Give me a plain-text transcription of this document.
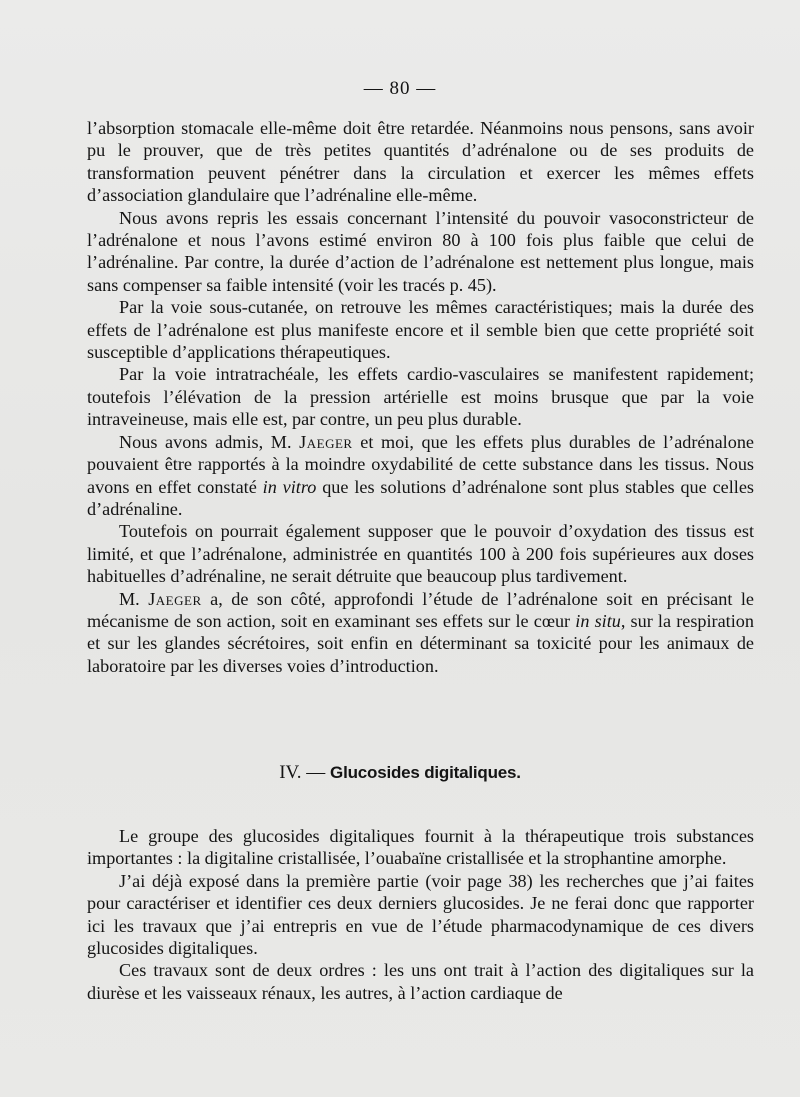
— 80 —

l’absorption stomacale elle-même doit être retardée. Néanmoins nous pensons, sans avoir pu le prouver, que de très petites quantités d’adrénalone ou de ses produits de transformation peuvent pénétrer dans la circulation et exercer les mêmes effets d’association glandulaire que l’adrénaline elle-même.

Nous avons repris les essais concernant l’intensité du pouvoir vasoconstricteur de l’adrénalone et nous l’avons estimé environ 80 à 100 fois plus faible que celui de l’adrénaline. Par contre, la durée d’action de l’adrénalone est nettement plus longue, mais sans compenser sa faible intensité (voir les tracés p. 45).

Par la voie sous-cutanée, on retrouve les mêmes caractéristiques; mais la durée des effets de l’adrénalone est plus manifeste encore et il semble bien que cette propriété soit susceptible d’applications thérapeutiques.

Par la voie intratrachéale, les effets cardio-vasculaires se manifestent rapidement; toutefois l’élévation de la pression artérielle est moins brusque que par la voie intraveineuse, mais elle est, par contre, un peu plus durable.

Nous avons admis, M. Jaeger et moi, que les effets plus durables de l’adrénalone pouvaient être rapportés à la moindre oxydabilité de cette substance dans les tissus. Nous avons en effet constaté in vitro que les solutions d’adrénalone sont plus stables que celles d’adrénaline.

Toutefois on pourrait également supposer que le pouvoir d’oxydation des tissus est limité, et que l’adrénalone, administrée en quantités 100 à 200 fois supérieures aux doses habituelles d’adrénaline, ne serait détruite que beaucoup plus tardivement.

M. Jaeger a, de son côté, approfondi l’étude de l’adrénalone soit en précisant le mécanisme de son action, soit en examinant ses effets sur le cœur in situ, sur la respiration et sur les glandes sécrétoires, soit enfin en déterminant sa toxicité pour les animaux de laboratoire par les diverses voies d’introduction.

IV. — Glucosides digitaliques.

Le groupe des glucosides digitaliques fournit à la thérapeutique trois substances importantes : la digitaline cristallisée, l’ouabaïne cristallisée et la strophantine amorphe.

J’ai déjà exposé dans la première partie (voir page 38) les recherches que j’ai faites pour caractériser et identifier ces deux derniers glucosides. Je ne ferai donc que rapporter ici les travaux que j’ai entrepris en vue de l’étude pharmacodynamique de ces divers glucosides digitaliques.

Ces travaux sont de deux ordres : les uns ont trait à l’action des digitaliques sur la diurèse et les vaisseaux rénaux, les autres, à l’action cardiaque de
